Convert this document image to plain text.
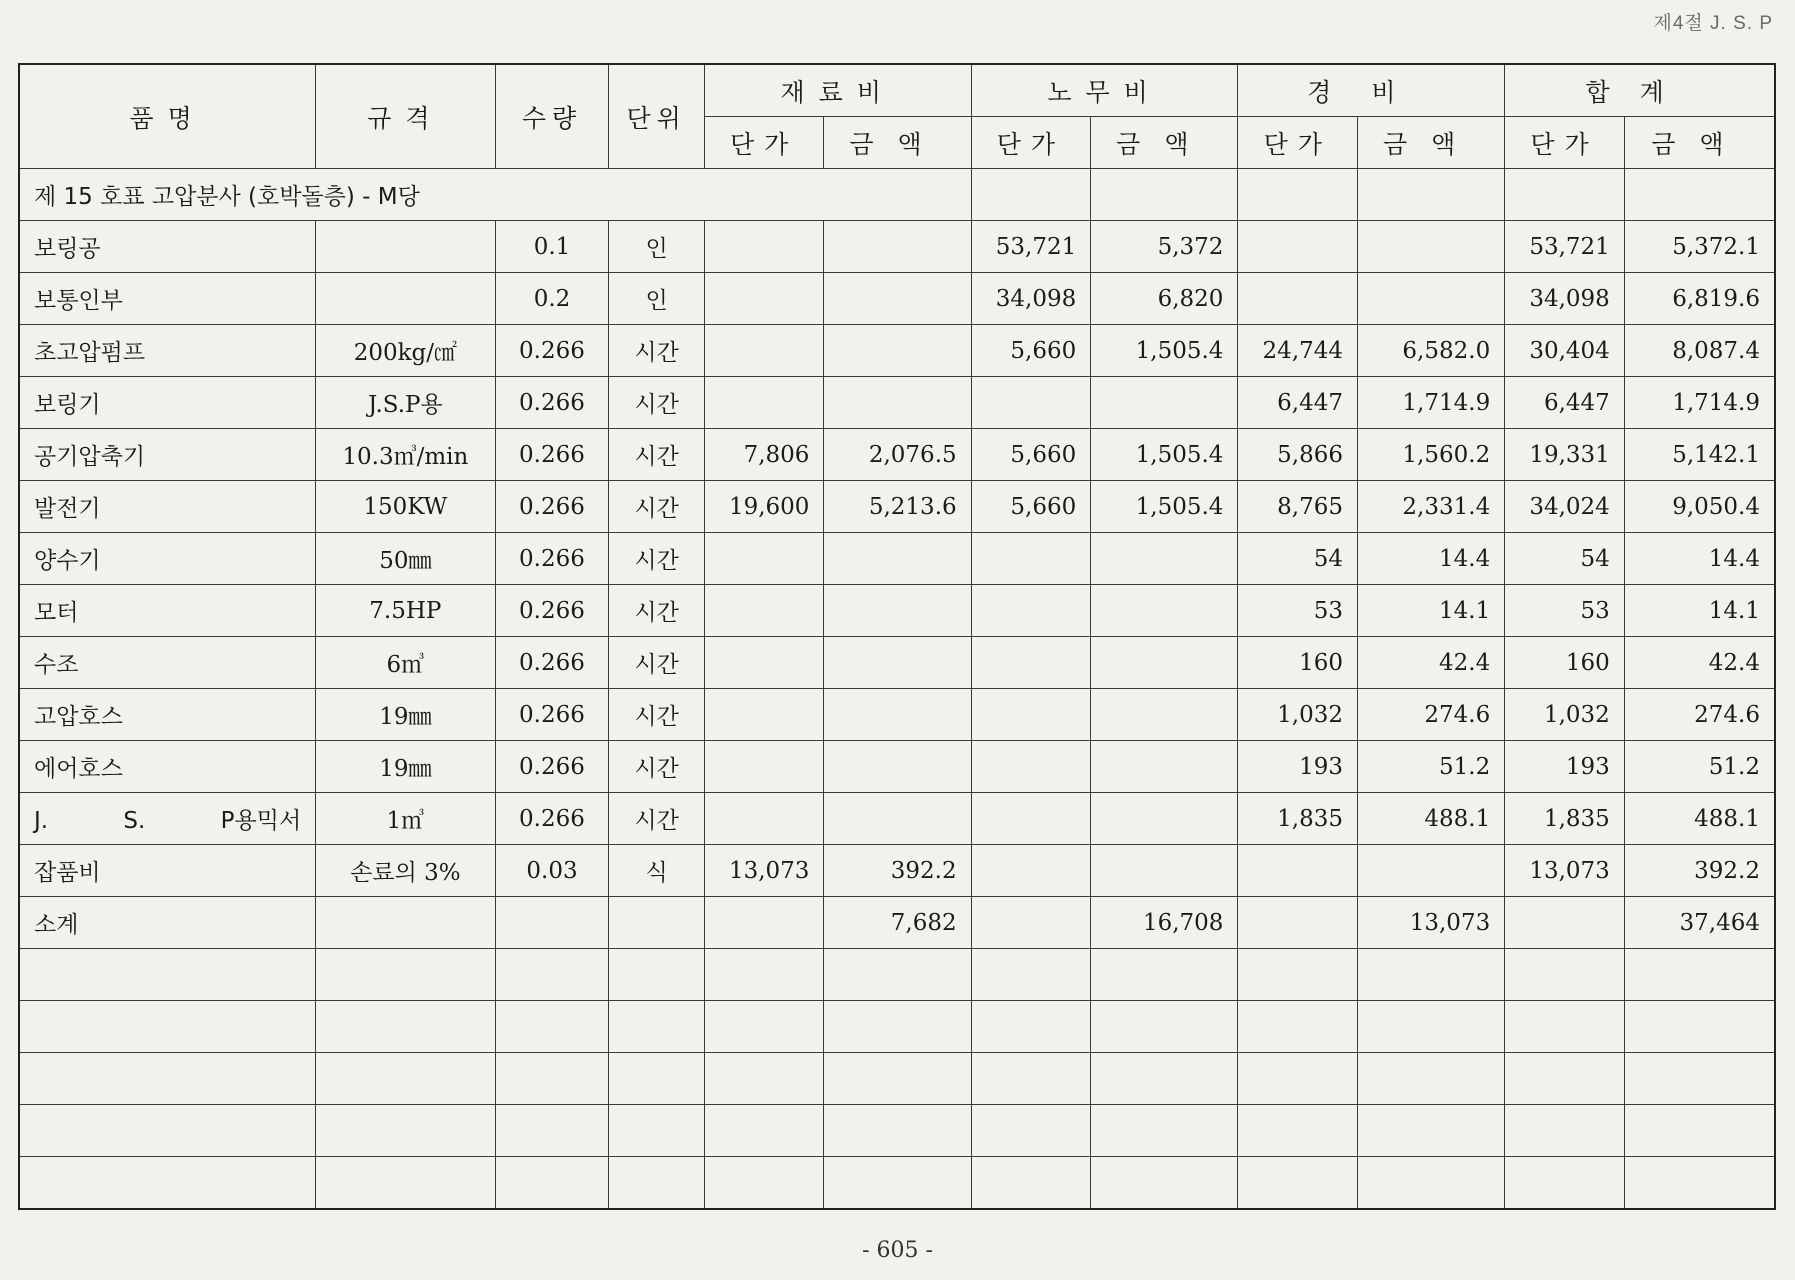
제4절 J. S. P
품명	규격	수량	단위	재료비		노무비		경비		합계	
				단가	금액	단가	금액	단가	금액	단가	금액
제 15 호표 고압분사 (호박돌층) - M당											
보링공		0.1	인			53,721	5,372			53,721	5,372.1
보통인부		0.2	인			34,098	6,820			34,098	6,819.6
초고압펌프	200kg/㎠	0.266	시간			5,660	1,505.4	24,744	6,582.0	30,404	8,087.4
보링기	J.S.P용	0.266	시간					6,447	1,714.9	6,447	1,714.9
공기압축기	10.3㎥/min	0.266	시간	7,806	2,076.5	5,660	1,505.4	5,866	1,560.2	19,331	5,142.1
발전기	150KW	0.266	시간	19,600	5,213.6	5,660	1,505.4	8,765	2,331.4	34,024	9,050.4
양수기	50㎜	0.266	시간					54	14.4	54	14.4
모터	7.5HP	0.266	시간					53	14.1	53	14.1
수조	6㎥	0.266	시간					160	42.4	160	42.4
고압호스	19㎜	0.266	시간					1,032	274.6	1,032	274.6
에어호스	19㎜	0.266	시간					193	51.2	193	51.2
J. S. P용믹서	1㎥	0.266	시간					1,835	488.1	1,835	488.1
잡품비	손료의 3%	0.03	식	13,073	392.2					13,073	392.2
소계					7,682		16,708		13,073		37,464

- 605 -
